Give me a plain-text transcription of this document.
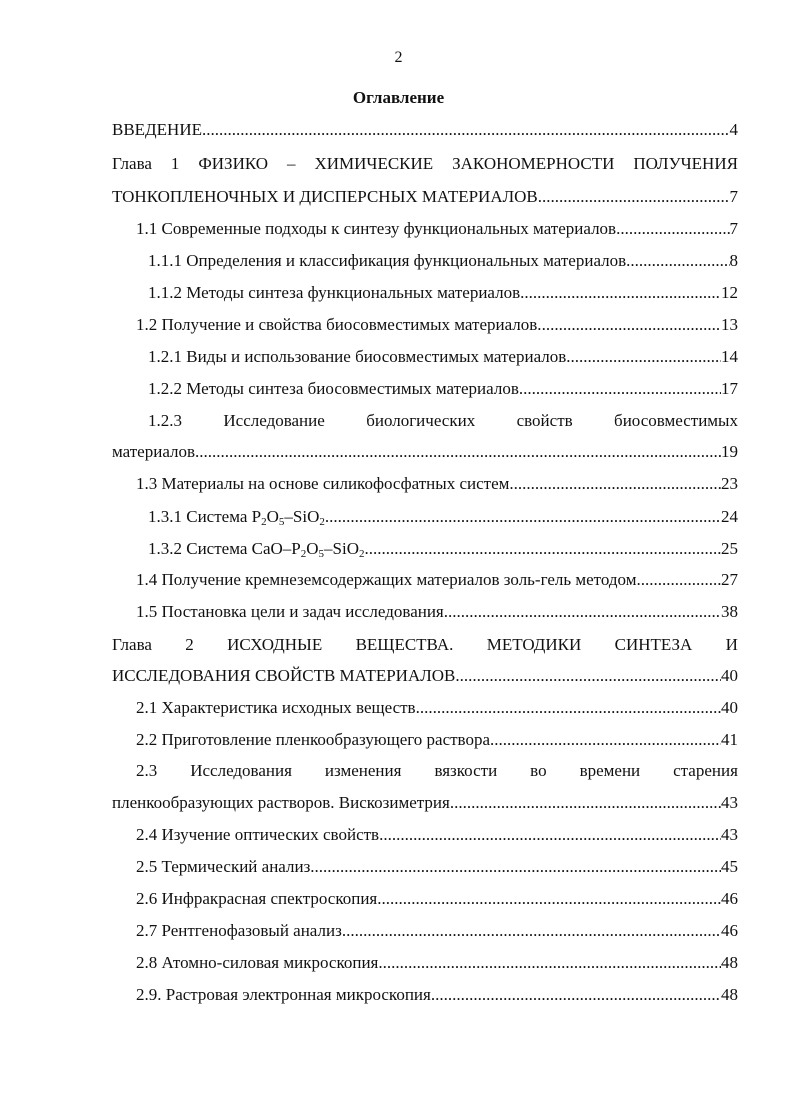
2
Оглавление
ВВЕДЕНИЕ .....	4
Глава 1 ФИЗИКО – ХИМИЧЕСКИЕ ЗАКОНОМЕРНОСТИ ПОЛУЧЕНИЯ
ТОНКОПЛЕНОЧНЫХ И ДИСПЕРСНЫХ МАТЕРИАЛОВ .....	7
1.1 Современные подходы к синтезу функциональных материалов. .....	7
1.1.1 Определения и классификация функциональных материалов. .....	8
1.1.2 Методы синтеза функциональных материалов .....	12
1.2 Получение и свойства биосовместимых материалов. .....	13
1.2.1 Виды и использование биосовместимых материалов .....	14
1.2.2 Методы синтеза биосовместимых материалов. .....	17
1.2.3 Исследование биологических свойств биосовместимых
материалов. .....	19
1.3 Материалы на основе силикофосфатных систем. .....	23
1.3.1 Система $P_2O_5-SiO_2$. .....	24
1.3.2 Система CaO–$P_2O_5-SiO_2$. .....	25
1.4 Получение кремнеземсодержащих материалов золь-гель методом .....	27
1.5 Постановка цели и задач исследования .....	38
Глава 2 ИСХОДНЫЕ ВЕЩЕСТВА. МЕТОДИКИ СИНТЕЗА И
ИССЛЕДОВАНИЯ СВОЙСТВ МАТЕРИАЛОВ .....	40
2.1 Характеристика исходных веществ .....	40
2.2 Приготовление пленкообразующего раствора .....	41
2.3 Исследования изменения вязкости во времени старения
пленкообразующих растворов. Вискозиметрия .....	43
2.4 Изучение оптических свойств. .....	43
2.5 Термический анализ .....	45
2.6 Инфракрасная спектроскопия .....	46
2.7 Рентгенофазовый анализ .....	46
2.8 Атомно-силовая микроскопия .....	48
2.9. Растровая электронная микроскопия .....	48
